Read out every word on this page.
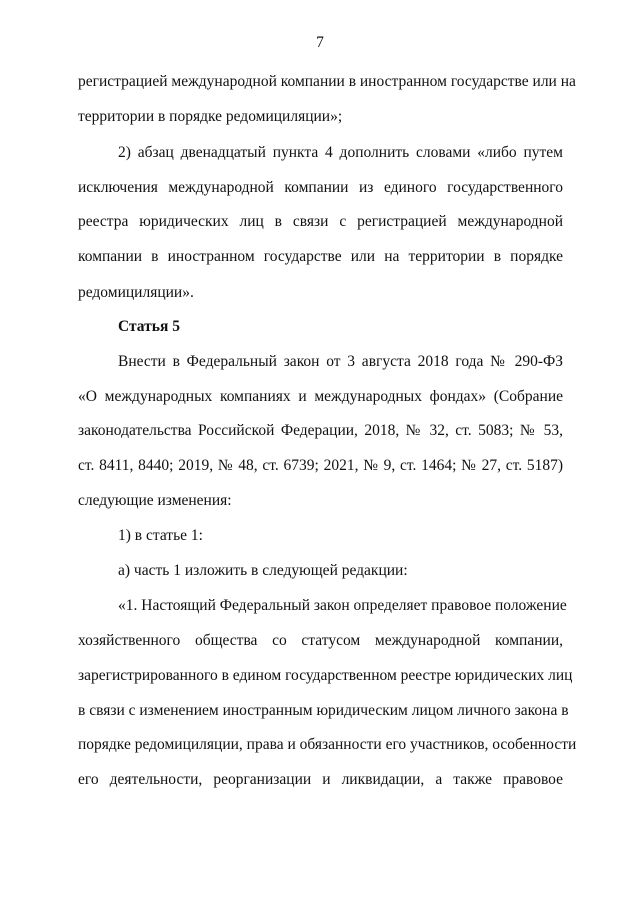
7

регистрацией международной компании в иностранном государстве или на

территории в порядке редомициляции»;

2) абзац двенадцатый пункта 4 дополнить словами «либо путем

исключения международной компании из единого государственного

реестра юридических лиц в связи с регистрацией международной

компании в иностранном государстве или на территории в порядке

редомициляции».

Статья 5

Внести в Федеральный закон от 3 августа 2018 года № 290-ФЗ

«О международных компаниях и международных фондах» (Собрание

законодательства Российской Федерации, 2018, № 32, ст. 5083; № 53,

ст. 8411, 8440; 2019, № 48, ст. 6739; 2021, № 9, ст. 1464; № 27, ст. 5187)

следующие изменения:

1) в статье 1:

а) часть 1 изложить в следующей редакции:

«1. Настоящий Федеральный закон определяет правовое положение

хозяйственного общества со статусом международной компании,

зарегистрированного в едином государственном реестре юридических лиц

в связи с изменением иностранным юридическим лицом личного закона в

порядке редомициляции, права и обязанности его участников, особенности

его деятельности, реорганизации и ликвидации, а также правовое
